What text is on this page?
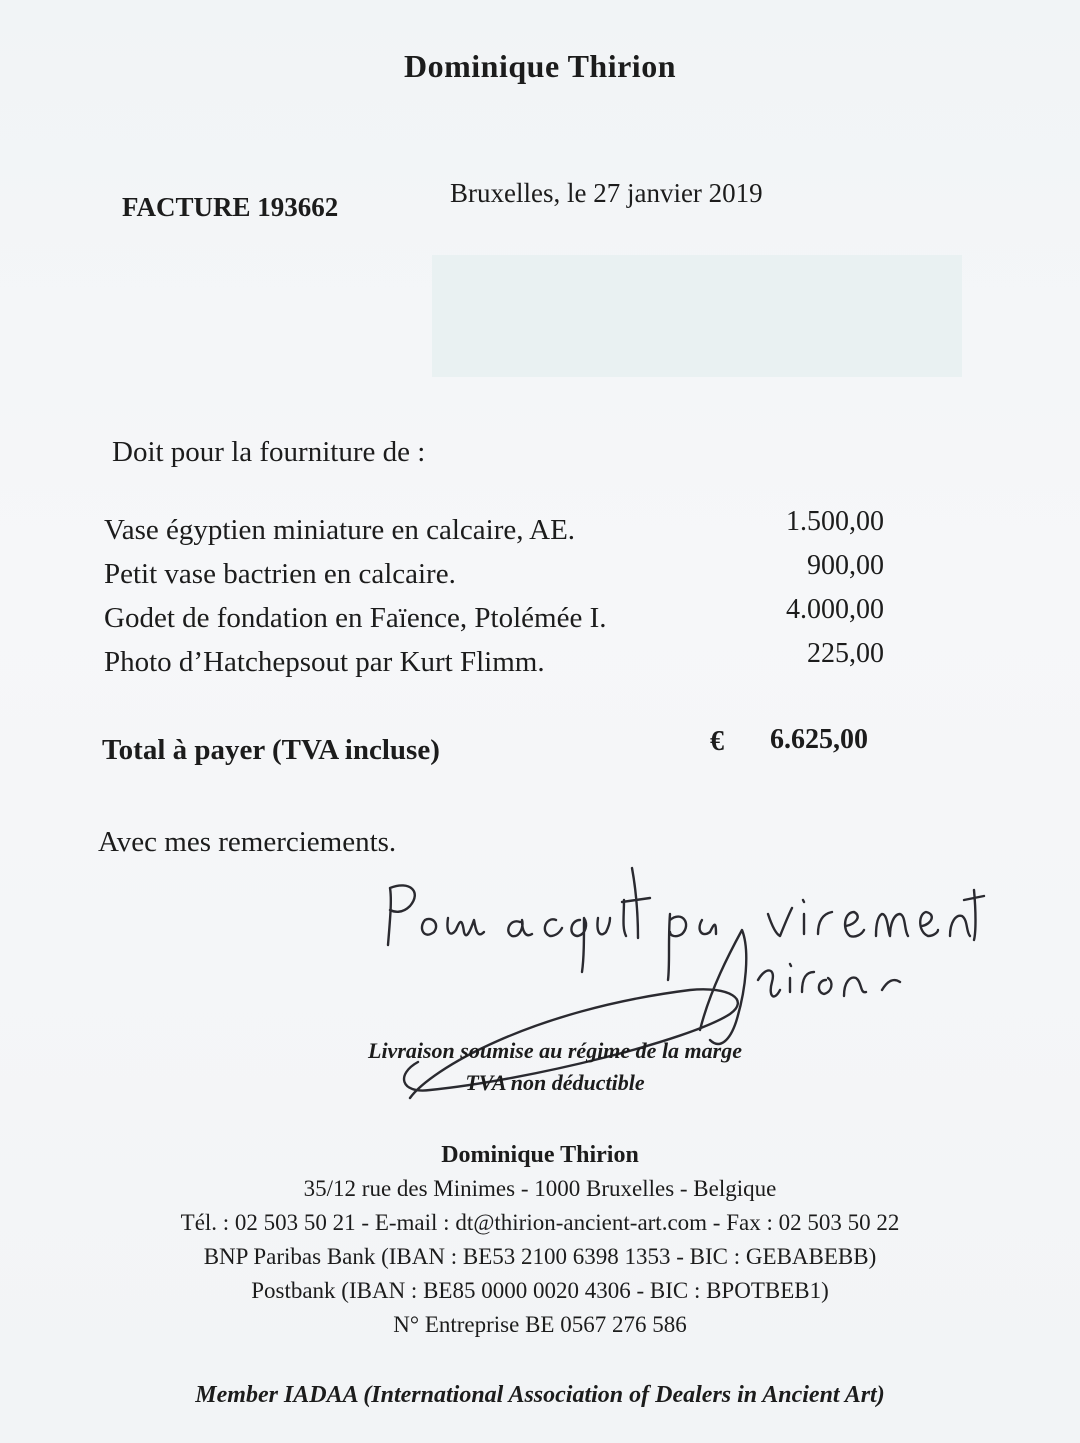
Dominique Thirion
FACTURE 193662	Bruxelles, le 27 janvier 2019
Doit pour la fourniture de :
Vase égyptien miniature en calcaire, AE.	1.500,00
Petit vase bactrien en calcaire.	900,00
Godet de fondation en Faïence, Ptolémée I.	4.000,00
Photo d’Hatchepsout par Kurt Flimm.	225,00
Total à payer (TVA incluse)	€ 6.625,00
Avec mes remerciements.
Livraison soumise au régime de la marge
TVA non déductible
Dominique Thirion
35/12 rue des Minimes - 1000 Bruxelles - Belgique
Tél. : 02 503 50 21 - E-mail : dt@thirion-ancient-art.com - Fax : 02 503 50 22
BNP Paribas Bank (IBAN : BE53 2100 6398 1353 - BIC : GEBABEBB)
Postbank (IBAN : BE85 0000 0020 4306 - BIC : BPOTBEB1)
N° Entreprise BE 0567 276 586
Member IADAA (International Association of Dealers in Ancient Art)
